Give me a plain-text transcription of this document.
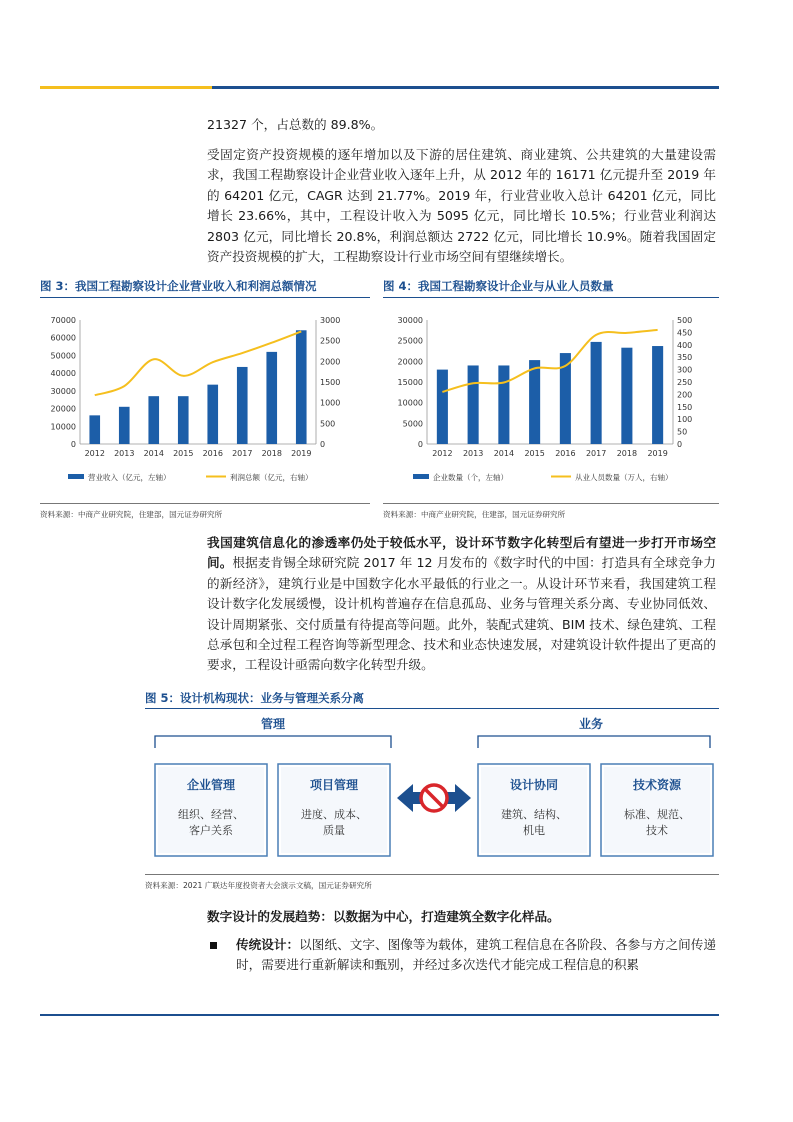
21327 个，占总数的 89.8%。
受固定资产投资规模的逐年增加以及下游的居住建筑、商业建筑、公共建筑的大量建设需求，我国工程勘察设计企业营业收入逐年上升，从 2012 年的 16171 亿元提升至 2019 年的 64201 亿元，CAGR 达到 21.77%。2019 年，行业营业收入总计 64201 亿元，同比增长 23.66%，其中，工程设计收入为 5095 亿元，同比增长 10.5%；行业营业利润达 2803 亿元，同比增长 20.8%，利润总额达 2722 亿元，同比增长 10.9%。随着我国固定资产投资规模的扩大，工程勘察设计行业市场空间有望继续增长。
图 3：我国工程勘察设计企业营业收入和利润总额情况	图 4：我国工程勘察设计企业与从业人员数量
0
10000
20000
30000
40000
50000
60000
70000
0
500
1000
1500
2000
2500
3000
2012 2013 2014 2015 2016 2017 2018 2019
营业收入（亿元，左轴）	利润总额（亿元，右轴）
0
5000
10000
15000
20000
25000
30000
0
50
100
150
200
250
300
350
400
450
500
2012 2013 2014 2015 2016 2017 2018 2019
企业数量（个，左轴）	从业人员数量（万人，右轴）
资料来源：中商产业研究院，住建部，国元证券研究所	资料来源：中商产业研究院，住建部，国元证券研究所
我国建筑信息化的渗透率仍处于较低水平，设计环节数字化转型后有望进一步打开市场空间。根据麦肯锡全球研究院 2017 年 12 月发布的《数字时代的中国：打造具有全球竞争力的新经济》，建筑行业是中国数字化水平最低的行业之一。从设计环节来看，我国建筑工程设计数字化发展缓慢，设计机构普遍存在信息孤岛、业务与管理关系分离、专业协同低效、设计周期紧张、交付质量有待提高等问题。此外，装配式建筑、BIM 技术、绿色建筑、工程总承包和全过程工程咨询等新型理念、技术和业态快速发展，对建筑设计软件提出了更高的要求，工程设计亟需向数字化转型升级。
图 5：设计机构现状：业务与管理关系分离
管理	业务
企业管理
组织、经营、
客户关系
项目管理
进度、成本、
质量
设计协同
建筑、结构、
机电
技术资源
标准、规范、
技术
资料来源：2021 广联达年度投资者大会演示文稿，国元证券研究所
数字设计的发展趋势：以数据为中心，打造建筑全数字化样品。
传统设计：以图纸、文字、图像等为载体，建筑工程信息在各阶段、各参与方之间传递时，需要进行重新解读和甄别，并经过多次迭代才能完成工程信息的积累
